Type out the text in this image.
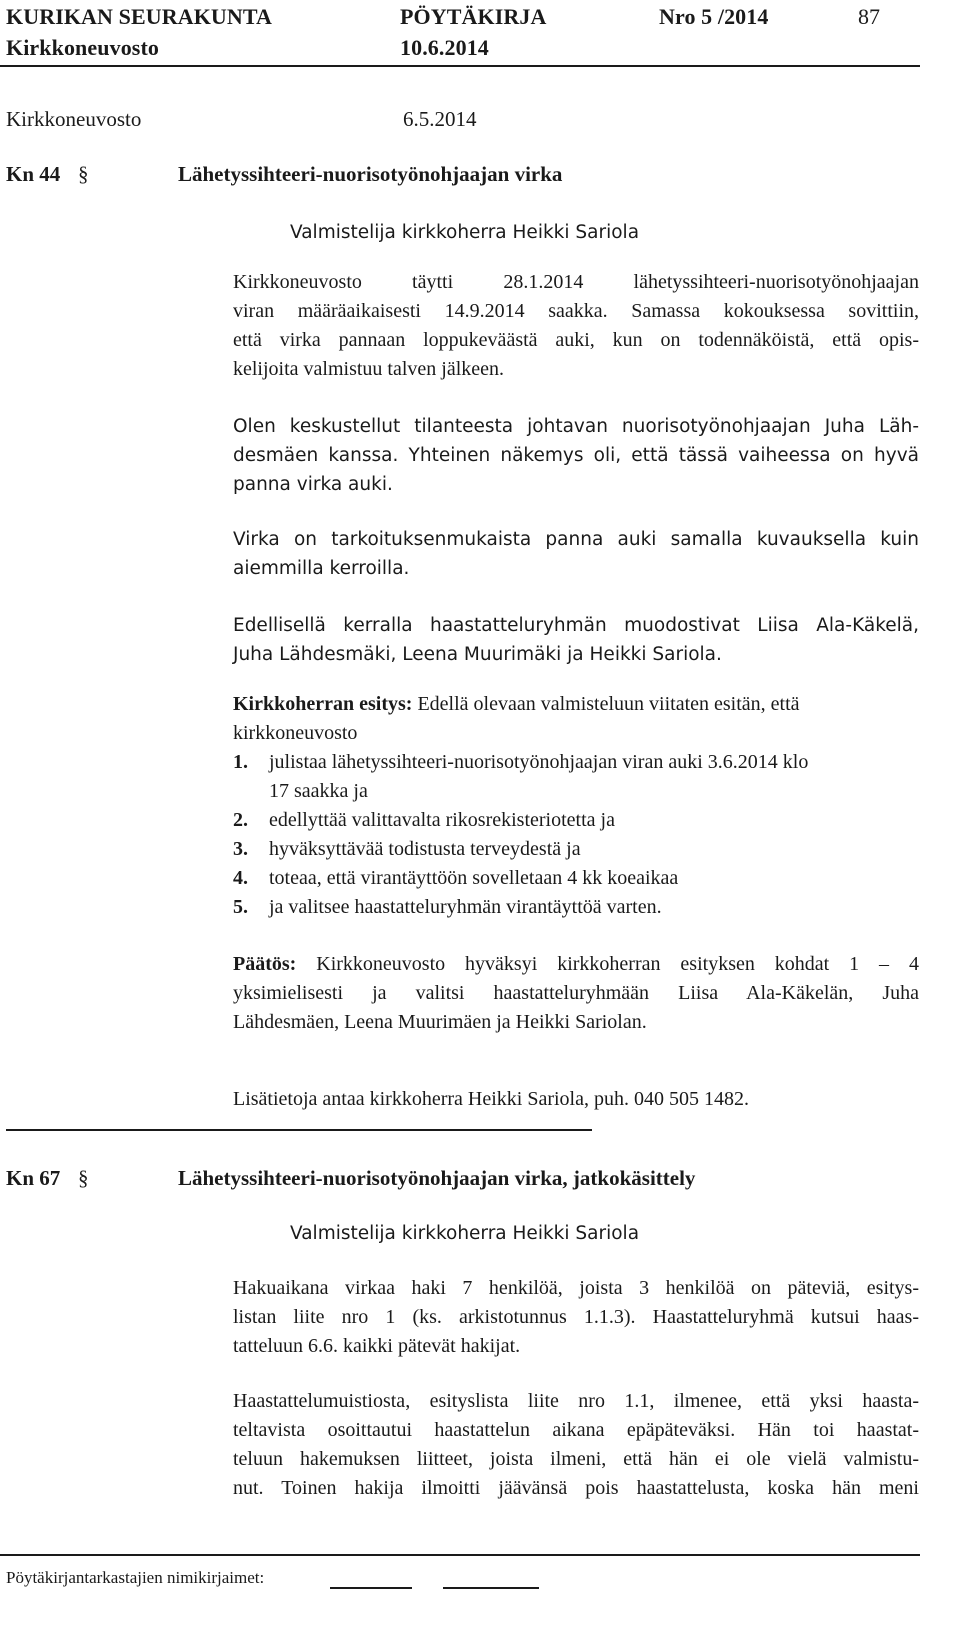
KURIKAN SEURAKUNTA	PÖYTÄKIRJA	Nro 5 /2014	87
Kirkkoneuvosto	10.6.2014
Kirkkoneuvosto	6.5.2014
Kn 44 §	Lähetyssihteeri-nuorisotyönohjaajan virka
Valmistelija kirkkoherra Heikki Sariola
Kirkkoneuvosto täytti 28.1.2014 lähetyssihteeri-nuorisotyönohjaajan
viran määräaikaisesti 14.9.2014 saakka. Samassa kokouksessa sovittiin,
että virka pannaan loppukeväästä auki, kun on todennäköistä, että opis-
kelijoita valmistuu talven jälkeen.
Olen keskustellut tilanteesta johtavan nuorisotyönohjaajan Juha Läh-
desmäen kanssa. Yhteinen näkemys oli, että tässä vaiheessa on hyvä
panna virka auki.
Virka on tarkoituksenmukaista panna auki samalla kuvauksella kuin
aiemmilla kerroilla.
Edellisellä kerralla haastatteluryhmän muodostivat Liisa Ala-Käkelä,
Juha Lähdesmäki, Leena Muurimäki ja Heikki Sariola.
Kirkkoherran esitys: Edellä olevaan valmisteluun viitaten esitän, että
kirkkoneuvosto
1. julistaa lähetyssihteeri-nuorisotyönohjaajan viran auki 3.6.2014 klo
17 saakka ja
2. edellyttää valittavalta rikosrekisteriotetta ja
3. hyväksyttävää todistusta terveydestä ja
4. toteaa, että virantäyttöön sovelletaan 4 kk koeaikaa
5. ja valitsee haastatteluryhmän virantäyttöä varten.
Päätös: Kirkkoneuvosto hyväksyi kirkkoherran esityksen kohdat 1 – 4
yksimielisesti ja valitsi haastatteluryhmään Liisa Ala-Käkelän, Juha
Lähdesmäen, Leena Muurimäen ja Heikki Sariolan.
Lisätietoja antaa kirkkoherra Heikki Sariola, puh. 040 505 1482.
Kn 67 §	Lähetyssihteeri-nuorisotyönohjaajan virka, jatkokäsittely
Valmistelija kirkkoherra Heikki Sariola
Hakuaikana virkaa haki 7 henkilöä, joista 3 henkilöä on päteviä, esitys-
listan liite nro 1 (ks. arkistotunnus 1.1.3). Haastatteluryhmä kutsui haas-
tatteluun 6.6. kaikki pätevät hakijat.
Haastattelumuistiosta, esityslista liite nro 1.1, ilmenee, että yksi haasta-
teltavista osoittautui haastattelun aikana epäpäteväksi. Hän toi haastat-
teluun hakemuksen liitteet, joista ilmeni, että hän ei ole vielä valmistu-
nut. Toinen hakija ilmoitti jäävänsä pois haastattelusta, koska hän meni
Pöytäkirjantarkastajien nimikirjaimet:
